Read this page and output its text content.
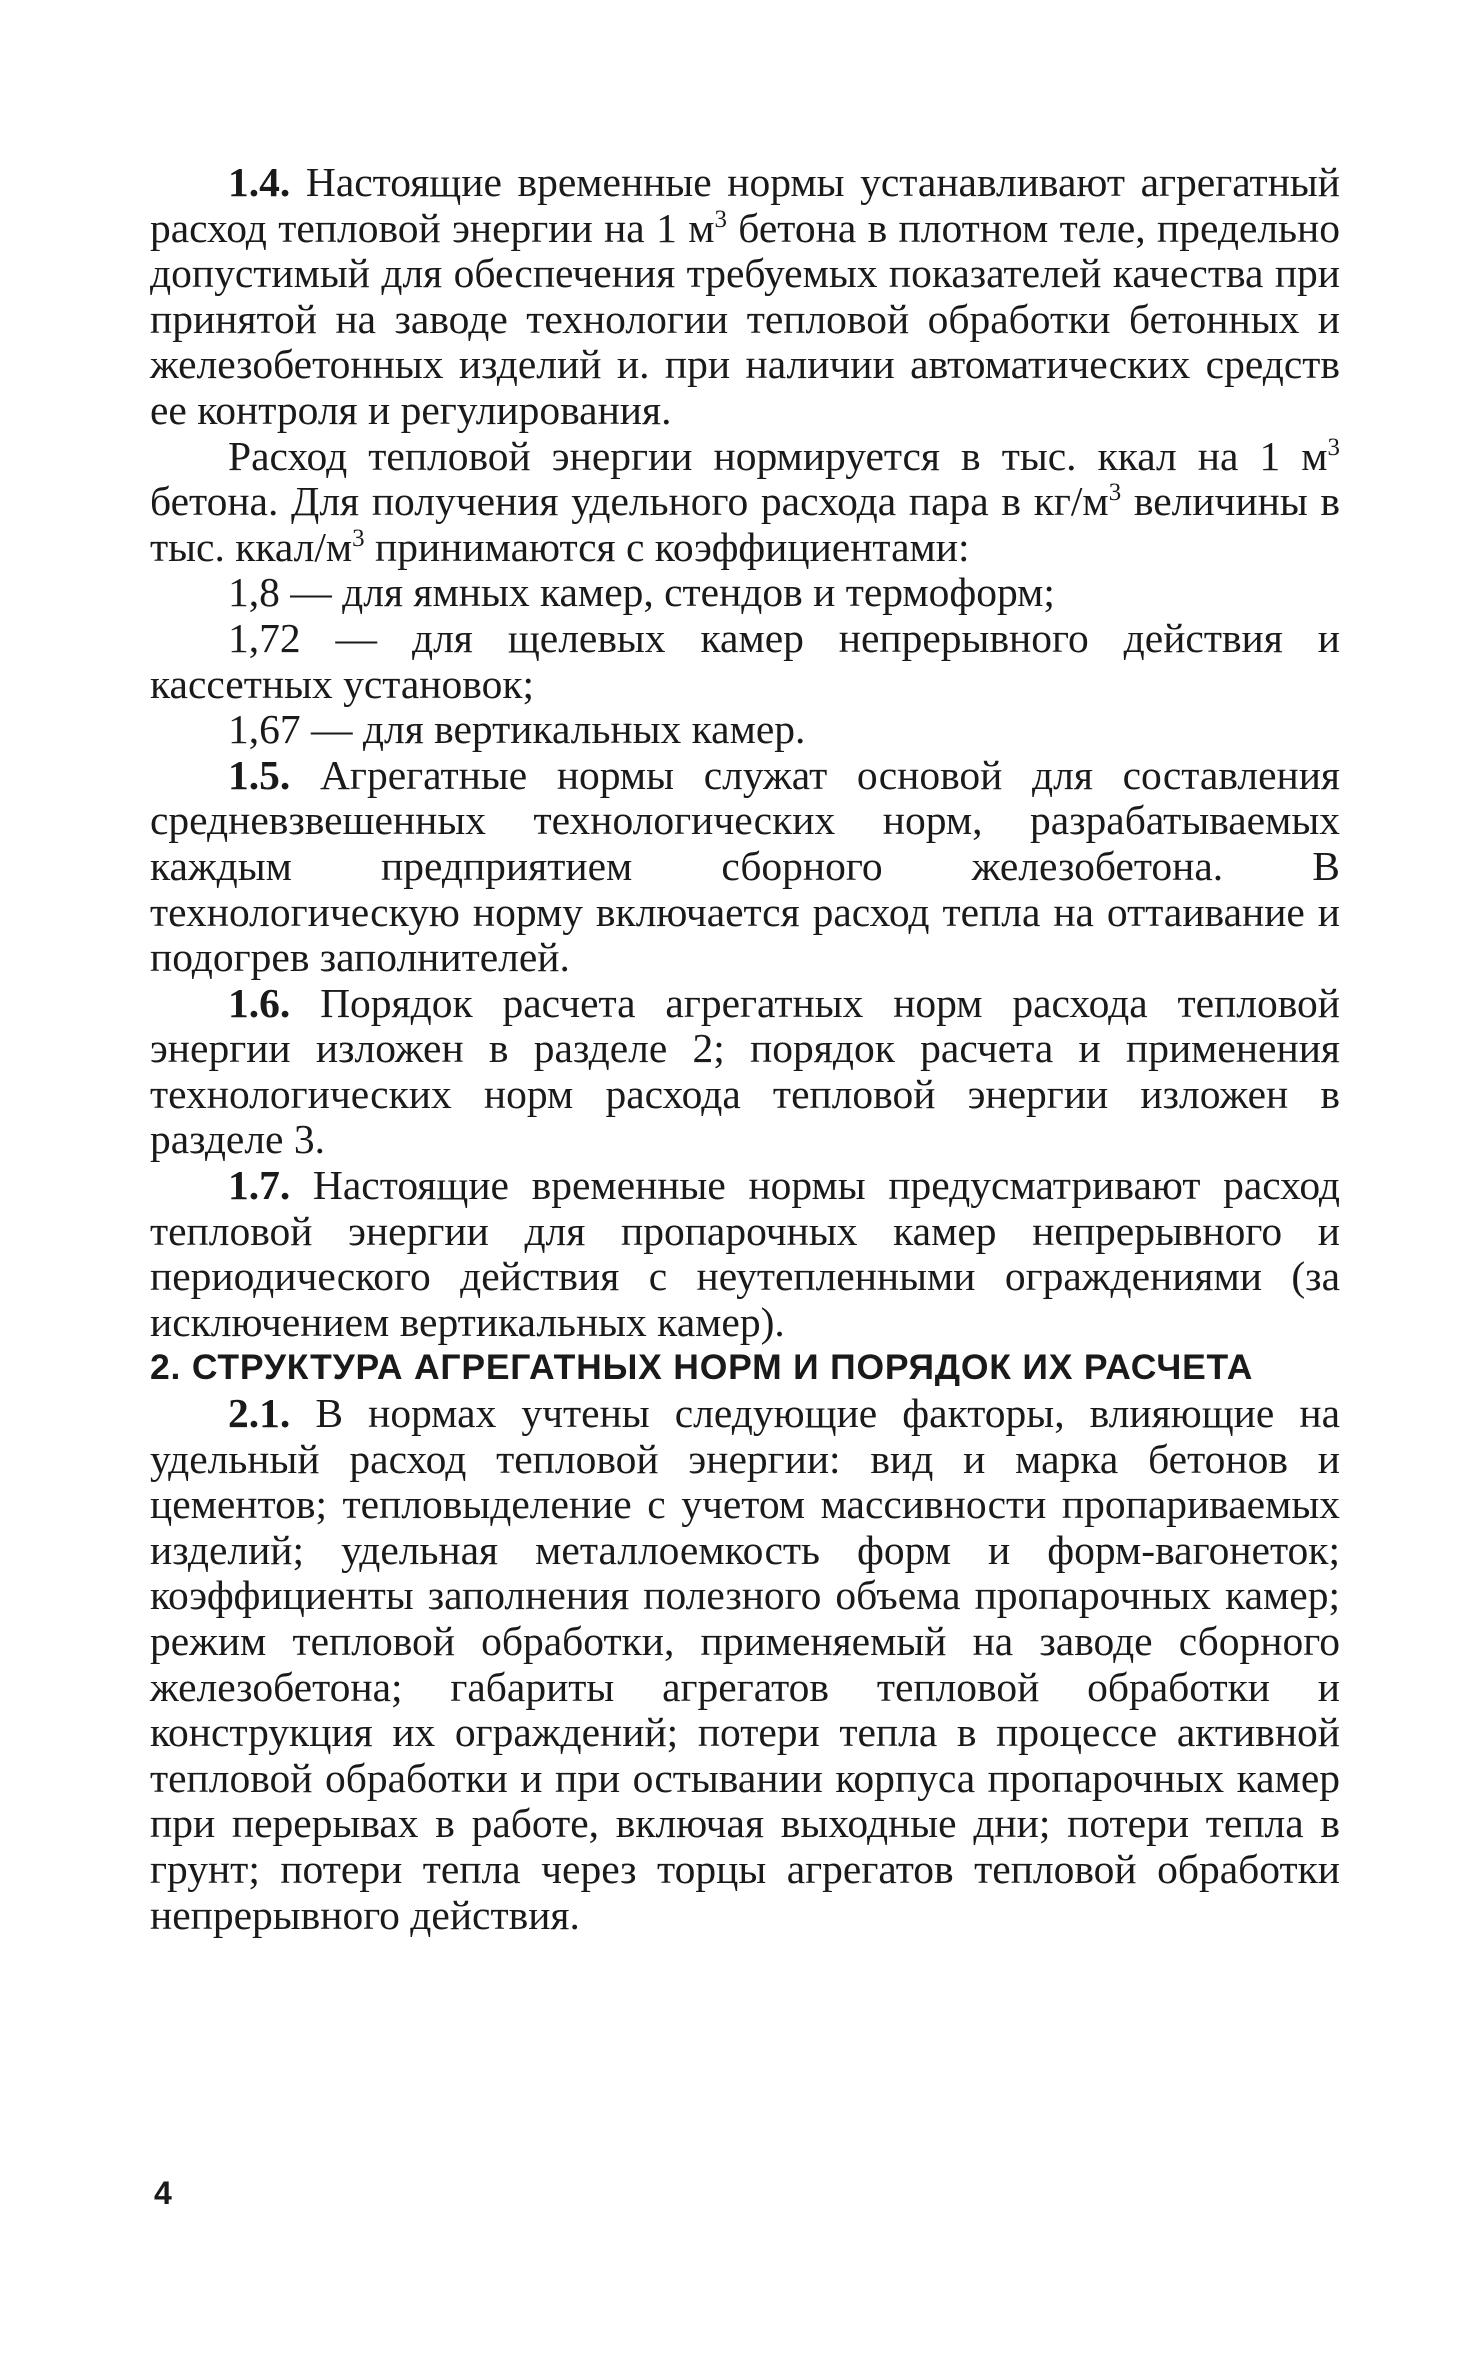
1.4. Настоящие временные нормы устанавливают агрегатный расход тепловой энергии на 1 $м^3$ бетона в плотном теле, предельно допустимый для обеспечения требуемых показателей качества при принятой на заводе технологии тепловой обработки бетонных и железобетонных изделий и. при наличии автоматических средств ее контроля и регулирования.

Расход тепловой энергии нормируется в тыс. ккал на 1 $м^3$ бетона. Для получения удельного расхода пара в $кг/м^3$ величины в тыс. ккал/$м^3$ принимаются с коэффициентами:

1,8 — для ямных камер, стендов и термоформ;

1,72 — для щелевых камер непрерывного действия и кассетных установок;

1,67 — для вертикальных камер.

1.5. Агрегатные нормы служат основой для составления средневзвешенных технологических норм, разрабатываемых каждым предприятием сборного железобетона. В технологическую норму включается расход тепла на оттаивание и подогрев заполнителей.

1.6. Порядок расчета агрегатных норм расхода тепловой энергии изложен в разделе 2; порядок расчета и применения технологических норм расхода тепловой энергии изложен в разделе 3.

1.7. Настоящие временные нормы предусматривают расход тепловой энергии для пропарочных камер непрерывного и периодического действия с неутепленными ограждениями (за исключением вертикальных камер).

2. СТРУКТУРА АГРЕГАТНЫХ НОРМ И ПОРЯДОК ИХ РАСЧЕТА

2.1. В нормах учтены следующие факторы, влияющие на удельный расход тепловой энергии: вид и марка бетонов и цементов; тепловыделение с учетом массивности пропариваемых изделий; удельная металлоемкость форм и форм-вагонеток; коэффициенты заполнения полезного объема пропарочных камер; режим тепловой обработки, применяемый на заводе сборного железобетона; габариты агрегатов тепловой обработки и конструкция их ограждений; потери тепла в процессе активной тепловой обработки и при остывании корпуса пропарочных камер при перерывах в работе, включая выходные дни; потери тепла в грунт; потери тепла через торцы агрегатов тепловой обработки непрерывного действия.

4
